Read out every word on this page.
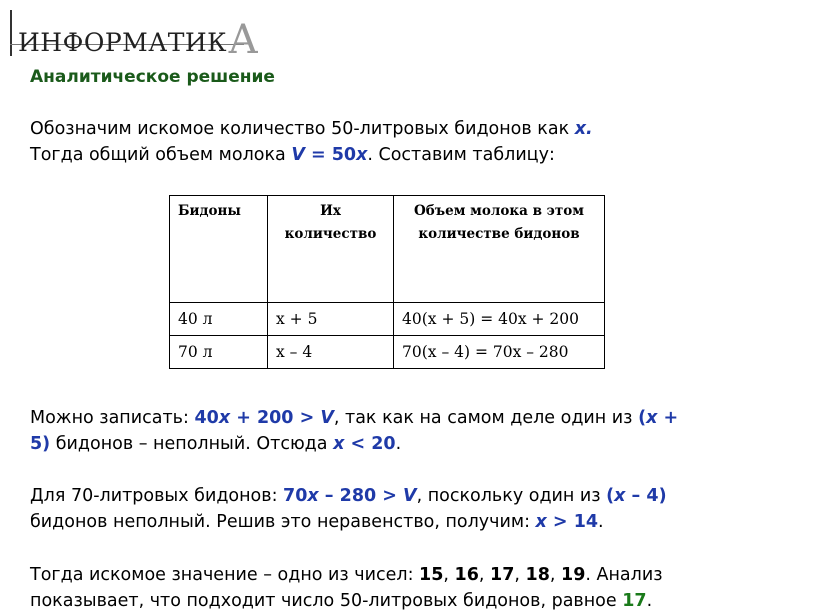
ИНФОРМАТИКА
Аналитическое решение
Обозначим искомое количество 50-литровых бидонов как x.
Тогда общий объем молока V = 50x. Составим таблицу:
Бидоны	Их количество	Объем молока в этом количестве бидонов
40 л	x + 5	40(x + 5) = 40x + 200
70 л	x – 4	70(x – 4) = 70x – 280
Можно записать: 40x + 200 > V, так как на самом деле один из (x +
5) бидонов – неполный. Отсюда x < 20.
Для 70-литровых бидонов: 70x – 280 > V, поскольку один из (x – 4)
бидонов неполный. Решив это неравенство, получим: x > 14.
Тогда искомое значение – одно из чисел: 15, 16, 17, 18, 19. Анализ
показывает, что подходит число 50-литровых бидонов, равное 17.
